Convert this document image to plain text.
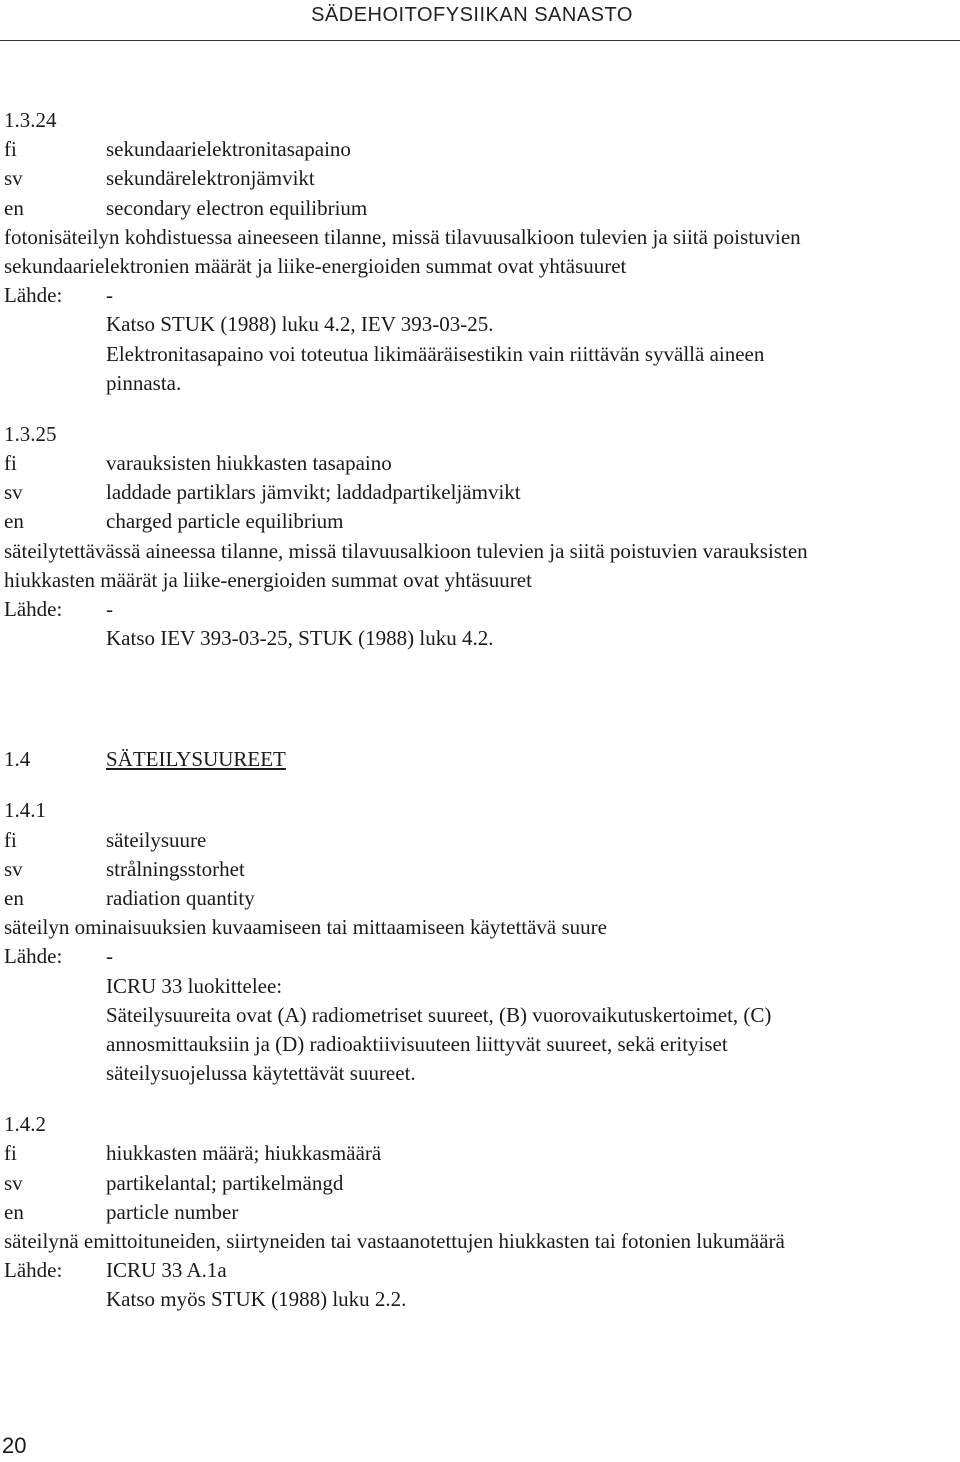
SÄDEHOITOFYSIIKAN SANASTO
1.3.24
fi	sekundaarielektronitasapaino
sv	sekundärelektronjämvikt
en	secondary electron equilibrium
fotonisäteilyn kohdistuessa aineeseen tilanne, missä tilavuusalkioon tulevien ja siitä poistuvien
sekundaarielektronien määrät ja liike-energioiden summat ovat yhtäsuuret
Lähde: -
Katso STUK (1988) luku 4.2, IEV 393-03-25.
Elektronitasapaino voi toteutua likimääräisestikin vain riittävän syvällä aineen
pinnasta.
1.3.25
fi	varauksisten hiukkasten tasapaino
sv	laddade partiklars jämvikt; laddadpartikeljämvikt
en	charged particle equilibrium
säteilytettävässä aineessa tilanne, missä tilavuusalkioon tulevien ja siitä poistuvien varauksisten
hiukkasten määrät ja liike-energioiden summat ovat yhtäsuuret
Lähde: -
Katso IEV 393-03-25, STUK (1988) luku 4.2.
1.4	SÄTEILYSUUREET
1.4.1
fi	säteilysuure
sv	strålningsstorhet
en	radiation quantity
säteilyn ominaisuuksien kuvaamiseen tai mittaamiseen käytettävä suure
Lähde: -
ICRU 33 luokittelee:
Säteilysuureita ovat (A) radiometriset suureet, (B) vuorovaikutuskertoimet, (C)
annosmittauksiin ja (D) radioaktiivisuuteen liittyvät suureet, sekä erityiset
säteilysuojelussa käytettävät suureet.
1.4.2
fi	hiukkasten määrä; hiukkasmäärä
sv	partikelantal; partikelmängd
en	particle number
säteilynä emittoituneiden, siirtyneiden tai vastaanotettujen hiukkasten tai fotonien lukumäärä
Lähde: ICRU 33 A.1a
Katso myös STUK (1988) luku 2.2.
20
